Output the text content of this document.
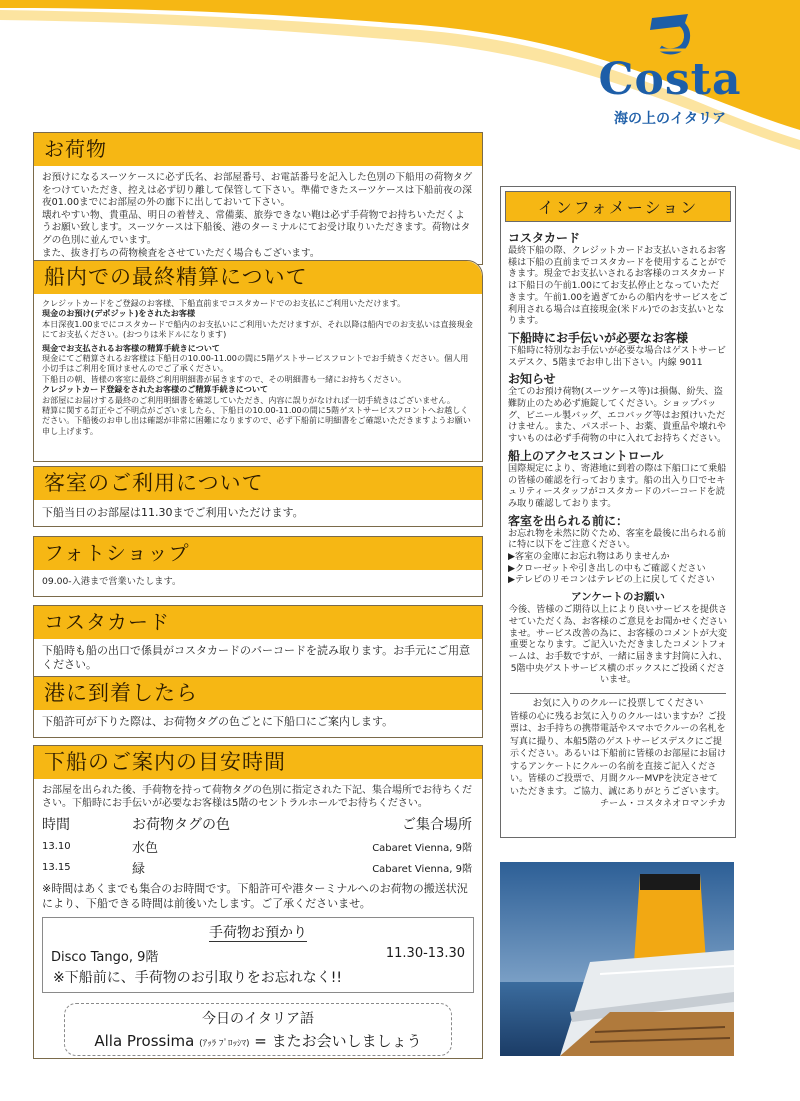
Costa
海の上のイタリア
お荷物

お預けになるスーツケースに必ず氏名、お部屋番号、お電話番号を記入した色別の下船用の荷物タグをつけていただき、控えは必ず切り離して保管して下さい。準備できたスーツケースは下船前夜の深夜01.00までにお部屋の外の廊下に出しておいて下さい。

壊れやすい物、貴重品、明日の着替え、常備薬、旅券できない鞄は必ず手荷物でお持ちいただくようお願い致します。スーツケースは下船後、港のターミナルにてお受け取りいただきます。荷物はタグの色別に並んでいます。

また、抜き打ちの荷物検査をさせていただく場合もございます。

船内での最終精算について

クレジットカードをご登録のお客様、下船直前までコスタカードでのお支払にご利用いただけます。

現金のお預け(デポジット)をされたお客様

本日深夜1.00までにコスタカードで船内のお支払いにご利用いただけますが、それ以降は船内でのお支払いは直接現金にてお支払ください。(おつりは米ドルになります)

現金でお支払されるお客様の精算手続きについて

現金にてご精算されるお客様は下船日の10.00-11.00の間に5階ゲストサービスフロントでお手続きください。個人用小切手はご利用を頂けませんのでご了承ください。

下船日の朝、皆様の客室に最終ご利用明細書が届きますので、その明細書も一緒にお持ちください。

クレジットカード登録をされたお客様のご精算手続きについて

お部屋にお届けする最終のご利用明細書を確認していただき、内容に誤りがなければ一切手続きはございません。

精算に関する訂正やご不明点がございましたら、下船日の10.00-11.00の間に5階ゲストサービスフロントへお越しください。下船後のお申し出は確認が非常に困難になりますので、必ず下船前に明細書をご確認いただきますようお願い申し上げます。

客室のご利用について
下船当日のお部屋は11.30までご利用いただけます。
フォトショップ
09.00-入港まで営業いたします。
コスタカード
下船時も船の出口で係員がコスタカードのバーコードを読み取ります。お手元にご用意ください。
港に到着したら
下船許可が下りた際は、お荷物タグの色ごとに下船口にご案内します。
下船のご案内の目安時間
お部屋を出られた後、手荷物を持って荷物タグの色別に指定された下記、集合場所でお待ちください。下船時にお手伝いが必要なお客様は5階のセントラルホールでお待ちください。
時間	お荷物タグの色	ご集合場所
13.10	水色	Cabaret Vienna, 9階
13.15	緑	Cabaret Vienna, 9階
※時間はあくまでも集合のお時間です。下船許可や港ターミナルへのお荷物の搬送状況により、下船できる時間は前後いたします。ご了承くださいませ。
手荷物お預かり
Disco Tango, 9階	11.30-13.30
※下船前に、手荷物のお引取りをお忘れなく!!
今日のイタリア語
Alla Prossima (ｱｯﾗ ﾌﾟﾛｯｼﾏ) = またお会いしましょう
インフォメーション

コスタカード

最終下船の際、クレジットカードお支払いされるお客様は下船の直前までコスタカードを使用することができます。現金でお支払いされるお客様のコスタカードは下船日の午前1.00にてお支払停止となっていただきます。午前1.00を過ぎてからの船内をサービスをご利用される場合は直接現金(米ドル)でのお支払いとなります。

下船時にお手伝いが必要なお客様

下船時に特別なお手伝いが必要な場合はゲストサービスデスク、5階までお申し出下さい。内線 9011

お知らせ

全てのお預け荷物(スーツケース等)は損傷、紛失、盗難防止のため必ず施錠してください。ショップバッグ、ビニール製バッグ、エコバッグ等はお預けいただけません。また、パスポート、お薬、貴重品や壊れやすいものは必ず手荷物の中に入れてお持ちください。

船上のアクセスコントロール

国際規定により、寄港地に到着の際は下船口にて乗船の皆様の確認を行っております。船の出入り口でセキュリティースタッフがコスタカードのバーコードを読み取り確認しております。

客室を出られる前に：

お忘れ物を未然に防ぐため、客室を最後に出られる前に特に以下をご注意ください。

▶客室の金庫にお忘れ物はありませんか

▶クローゼットや引き出しの中もご確認ください

▶テレビのリモコンはテレビの上に戻してください

アンケートのお願い

今後、皆様のご期待以上により良いサービスを提供させていただく為、お客様のご意見をお聞かせくださいませ。サービス改善の為に、お客様のコメントが大変重要となります。ご記入いただきましたコメントフォームは、お手数ですが、一緒に届きます封筒に入れ、5階中央ゲストサービス横のボックスにご投函くださいませ。

お気に入りのクルーに投票してください

皆様の心に残るお気に入りのクルーはいますか？ご投票は、お手持ちの携帯電話やスマホでクルーの名札を写真に撮り、本船5階のゲストサービスデスクにご提示ください。あるいは下船前に皆様のお部屋にお届けするアンケートにクルーの名前を直接ご記入ください。皆様のご投票で、月間クルーMVPを決定させていただきます。ご協力、誠にありがとうございます。

チーム・コスタネオロマンチカ
